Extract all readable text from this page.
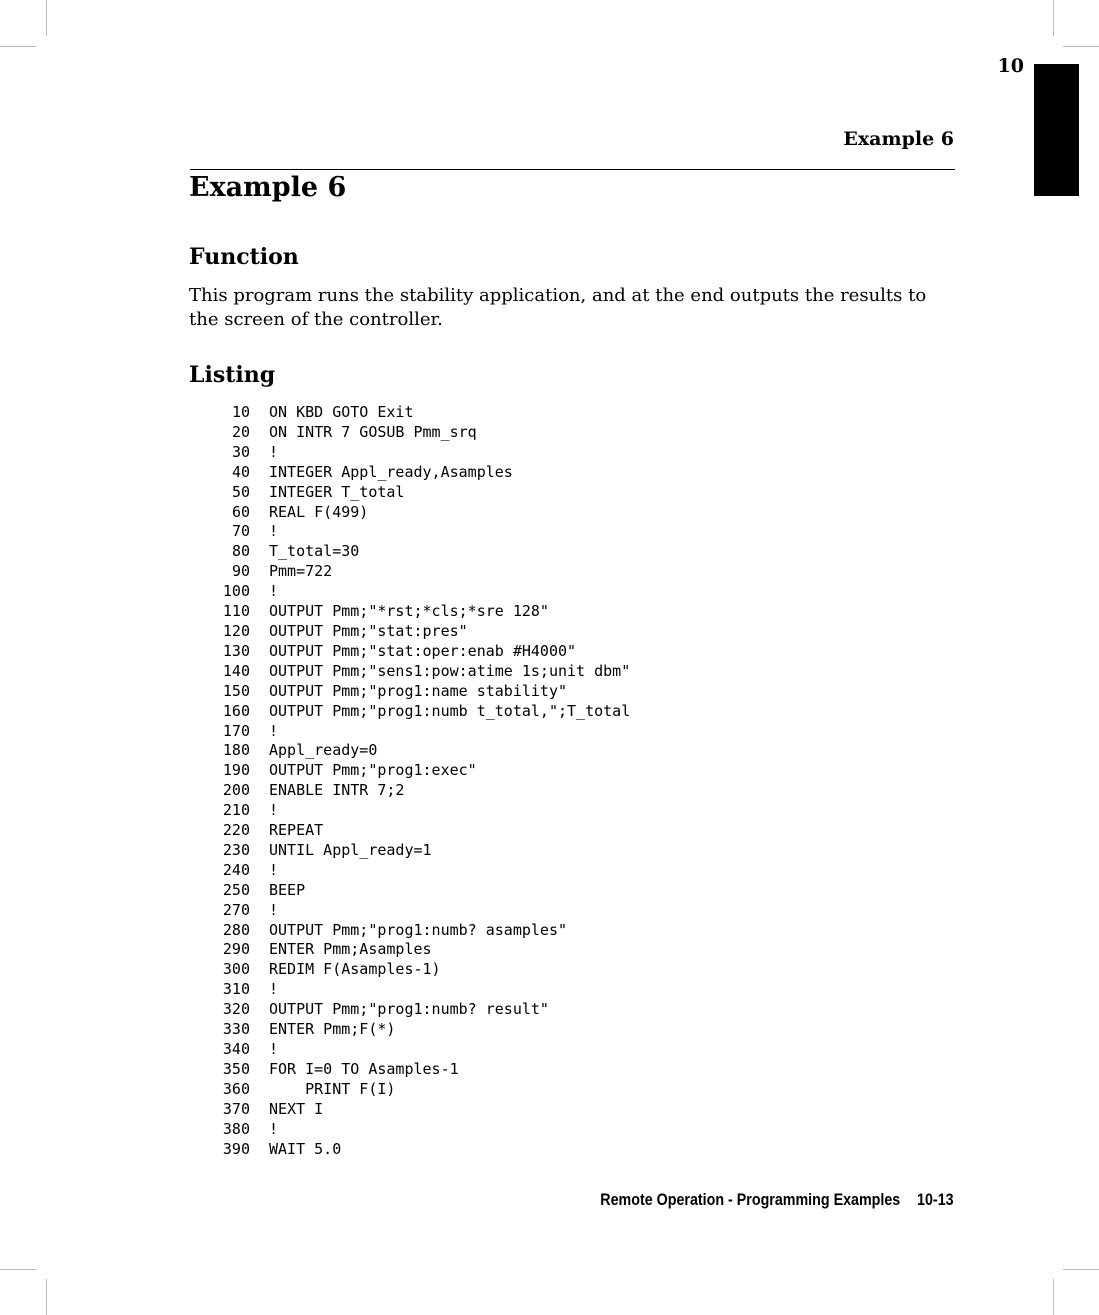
10
Example 6
Example 6
Function

This program runs the stability application, and at the end outputs the results to the screen of the controller.

Listing
10 ON KBD GOTO Exit
20 ON INTR 7 GOSUB Pmm_srq
30 !
40 INTEGER Appl_ready,Asamples
50 INTEGER T_total
60 REAL F(499)
70 !
80 T_total=30
90 Pmm=722
100 !
110 OUTPUT Pmm;"*rst;*cls;*sre 128"
120 OUTPUT Pmm;"stat:pres"
130 OUTPUT Pmm;"stat:oper:enab #H4000"
140 OUTPUT Pmm;"sens1:pow:atime 1s;unit dbm"
150 OUTPUT Pmm;"prog1:name stability"
160 OUTPUT Pmm;"prog1:numb t_total,";T_total
170 !
180 Appl_ready=0
190 OUTPUT Pmm;"prog1:exec"
200 ENABLE INTR 7;2
210 !
220 REPEAT
230 UNTIL Appl_ready=1
240 !
250 BEEP
270 !
280 OUTPUT Pmm;"prog1:numb? asamples"
290 ENTER Pmm;Asamples
300 REDIM F(Asamples-1)
310 !
320 OUTPUT Pmm;"prog1:numb? result"
330 ENTER Pmm;F(*)
340 !
350 FOR I=0 TO Asamples-1
360 PRINT F(I)
370 NEXT I
380 !
390 WAIT 5.0
Remote Operation - Programming Examples 10-13
